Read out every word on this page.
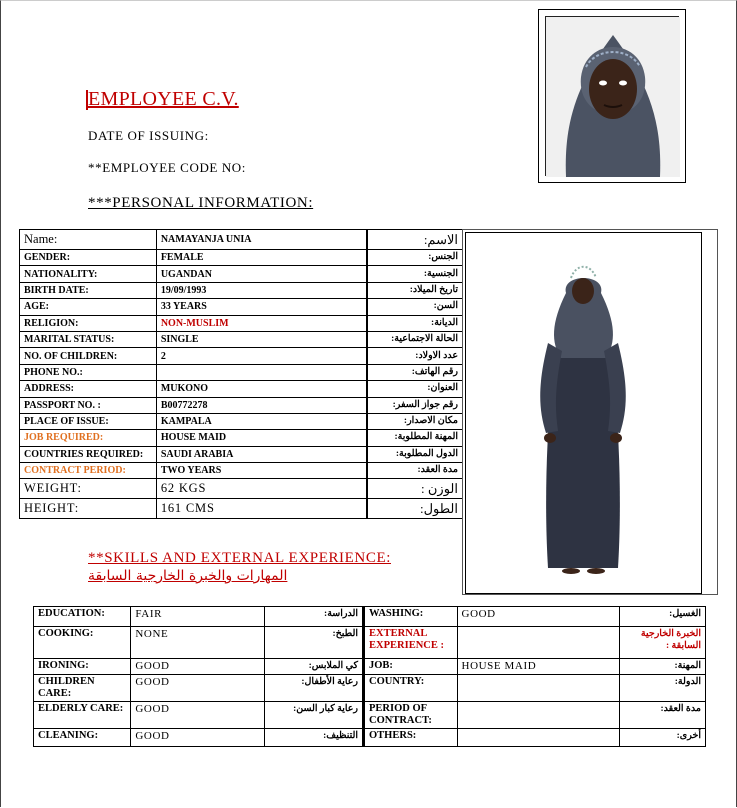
EMPLOYEE C.V.
DATE OF ISSUING:
**EMPLOYEE CODE NO:
***PERSONAL INFORMATION:
Name:	NAMAYANJA UNIA	الاسم:
GENDER:	FEMALE	الجنس:
NATIONALITY:	UGANDAN	الجنسية:
BIRTH DATE:	19/09/1993	تاريخ الميلاد:
AGE:	33 YEARS	السن:
RELIGION:	NON-MUSLIM	الديانة:
MARITAL STATUS:	SINGLE	الحالة الاجتماعية:
NO. OF CHILDREN:	2	عدد الاولاد:
PHONE NO.:		رقم الهاتف:
ADDRESS:	MUKONO	العنوان:
PASSPORT NO. :	B00772278	رقم جواز السفر:
PLACE OF ISSUE:	KAMPALA	مكان الاصدار:
JOB REQUIRED:	HOUSE MAID	المهنة المطلوبة:
COUNTRIES REQUIRED:	SAUDI ARABIA	الدول المطلوبة:
CONTRACT PERIOD:	TWO YEARS	مدة العقد:
WEIGHT:	62 KGS	الوزن :
HEIGHT:	161 CMS	الطول:
**SKILLS AND EXTERNAL EXPERIENCE:
المهارات والخبرة الخارجية السابقة
EDUCATION:	FAIR	الدراسة:	WASHING:	GOOD	الغسيل:
COOKING:	NONE	الطبخ:	EXTERNAL EXPERIENCE :		الخبرة الخارجية السابقة :
IRONING:	GOOD	كي الملابس:	JOB:	HOUSE MAID	المهنة:
CHILDREN CARE:	GOOD	رعاية الأطفال:	COUNTRY:		الدولة:
ELDERLY CARE:	GOOD	رعاية كبار السن:	PERIOD OF CONTRACT:		مدة العقد:
CLEANING:	GOOD	التنظيف:	OTHERS:		أخرى:
